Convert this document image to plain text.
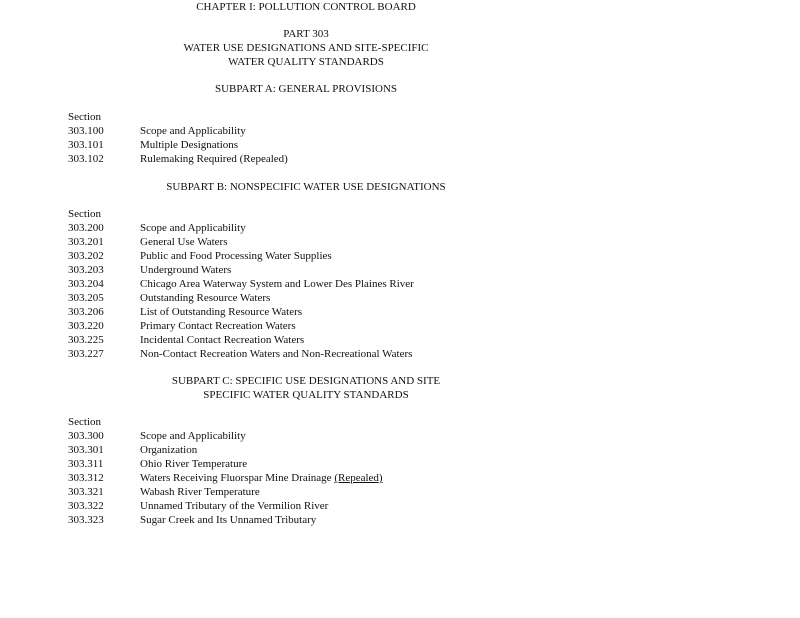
CHAPTER I: POLLUTION CONTROL BOARD
PART 303
WATER USE DESIGNATIONS AND SITE-SPECIFIC
WATER QUALITY STANDARDS
SUBPART A: GENERAL PROVISIONS
Section
303.100	Scope and Applicability
303.101	Multiple Designations
303.102	Rulemaking Required (Repealed)
SUBPART B: NONSPECIFIC WATER USE DESIGNATIONS
Section
303.200	Scope and Applicability
303.201	General Use Waters
303.202	Public and Food Processing Water Supplies
303.203	Underground Waters
303.204	Chicago Area Waterway System and Lower Des Plaines River
303.205	Outstanding Resource Waters
303.206	List of Outstanding Resource Waters
303.220	Primary Contact Recreation Waters
303.225	Incidental Contact Recreation Waters
303.227	Non-Contact Recreation Waters and Non-Recreational Waters
SUBPART C: SPECIFIC USE DESIGNATIONS AND SITE
SPECIFIC WATER QUALITY STANDARDS
Section
303.300	Scope and Applicability
303.301	Organization
303.311	Ohio River Temperature
303.312	Waters Receiving Fluorspar Mine Drainage (Repealed)
303.321	Wabash River Temperature
303.322	Unnamed Tributary of the Vermilion River
303.323	Sugar Creek and Its Unnamed Tributary
